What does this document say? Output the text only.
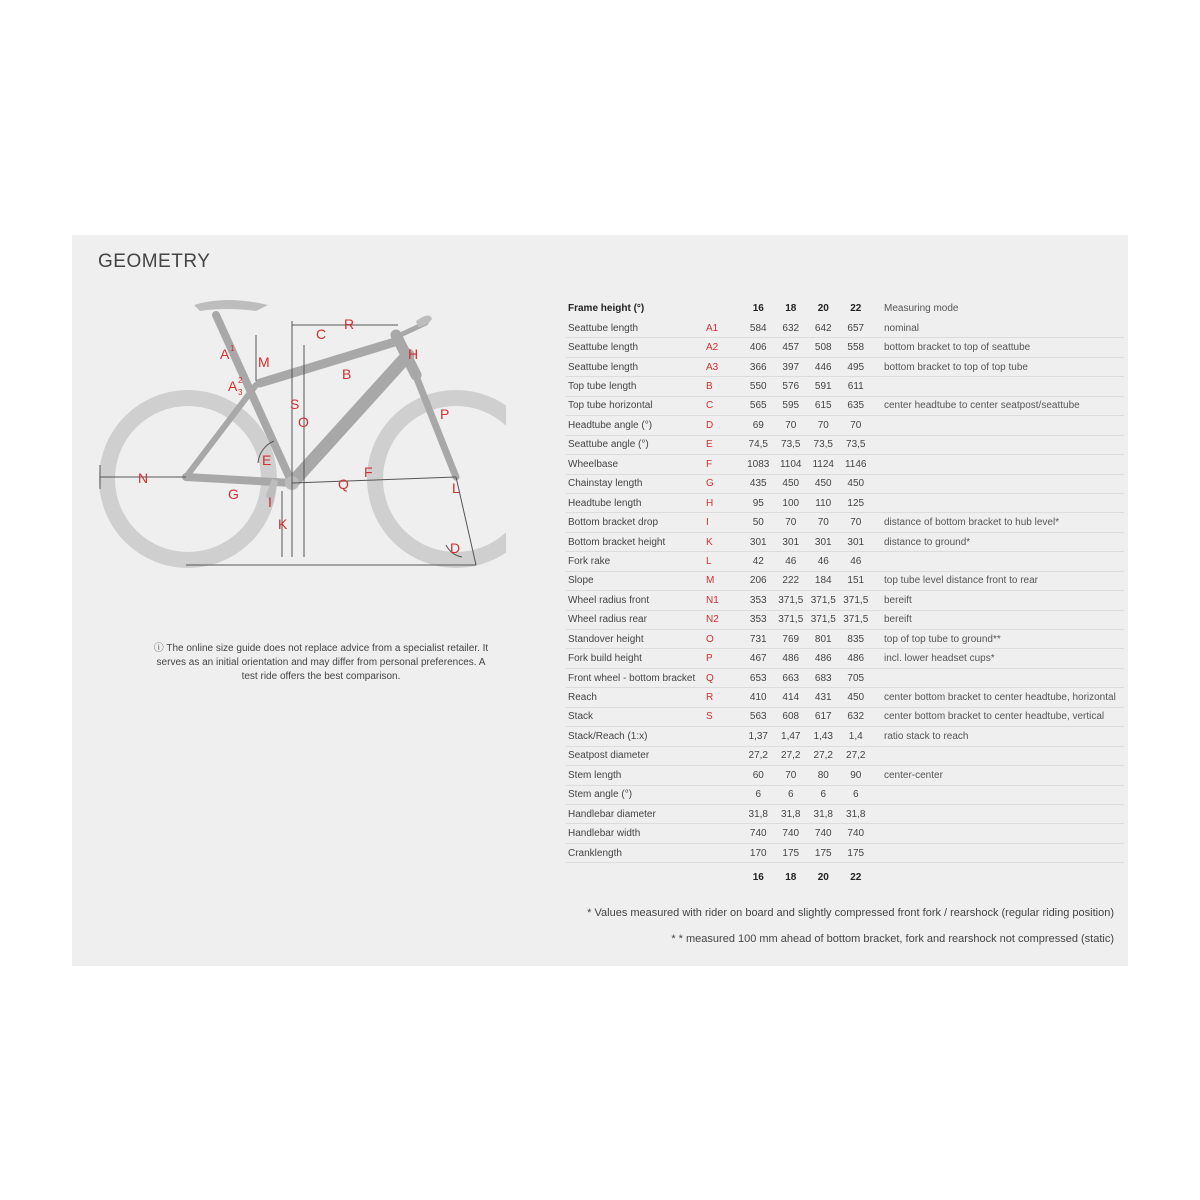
GEOMETRY
A 1
M
A 2
3
R
C
H
B
S
O	P
E
N
G I
Q
F
L
K
D
ⓘ The online size guide does not replace advice from a specialist retailer. It serves as an initial orientation and may differ from personal preferences. A test ride offers the best comparison.
Frame height (°)		16	18	20	22	Measuring mode
Seattube length	A1	584	632	642	657	nominal
Seattube length	A2	406	457	508	558	bottom bracket to top of seattube
Seattube length	A3	366	397	446	495	bottom bracket to top of top tube
Top tube length	B	550	576	591	611	
Top tube horizontal	C	565	595	615	635	center headtube to center seatpost/seattube
Headtube angle (°)	D	69	70	70	70	
Seattube angle (°)	E	74,5	73,5	73,5	73,5	
Wheelbase	F	1083	1104	1124	1146	
Chainstay length	G	435	450	450	450	
Headtube length	H	95	100	110	125	
Bottom bracket drop	I	50	70	70	70	distance of bottom bracket to hub level*
Bottom bracket height	K	301	301	301	301	distance to ground*
Fork rake	L	42	46	46	46	
Slope	M	206	222	184	151	top tube level distance front to rear
Wheel radius front	N1	353	371,5	371,5	371,5	bereift
Wheel radius rear	N2	353	371,5	371,5	371,5	bereift
Standover height	O	731	769	801	835	top of top tube to ground**
Fork build height	P	467	486	486	486	incl. lower headset cups*
Front wheel - bottom bracket	Q	653	663	683	705	
Reach	R	410	414	431	450	center bottom bracket to center headtube, horizontal
Stack	S	563	608	617	632	center bottom bracket to center headtube, vertical
Stack/Reach (1:x)		1,37	1,47	1,43	1,4	ratio stack to reach
Seatpost diameter		27,2	27,2	27,2	27,2	
Stem length		60	70	80	90	center-center
Stem angle (°)		6	6	6	6	
Handlebar diameter		31,8	31,8	31,8	31,8	
Handlebar width		740	740	740	740	
Cranklength		170	175	175	175	
		16	18	20	22	
* Values measured with rider on board and slightly compressed front fork / rearshock (regular riding position)
* * measured 100 mm ahead of bottom bracket, fork and rearshock not compressed (static)
